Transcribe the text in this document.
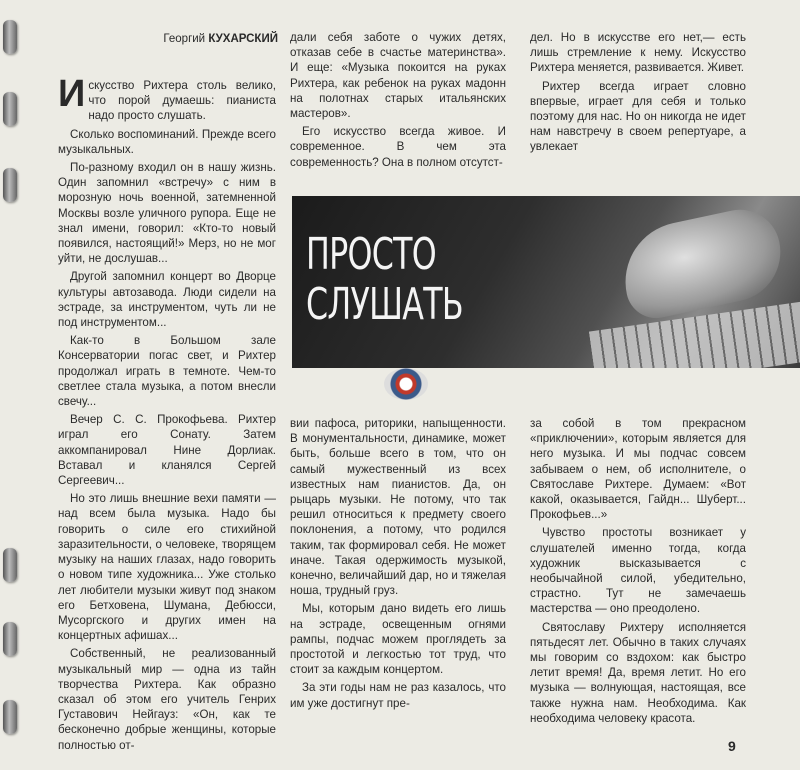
Георгий КУХАРСКИЙ

Искусство Рихтера столь велико, что порой думаешь: пианиста надо просто слушать.

Сколько воспоминаний. Прежде всего музыкальных.

По-разному входил он в нашу жизнь. Один запомнил «встречу» с ним в морозную ночь военной, затемненной Москвы возле уличного рупора. Еще не знал имени, говорил: «Кто-то новый появился, настоящий!» Мерз, но не мог уйти, не дослушав...

Другой запомнил концерт во Дворце культуры автозавода. Люди сидели на эстраде, за инструментом, чуть ли не под инструментом...

Как-то в Большом зале Консерватории погас свет, и Рихтер продолжал играть в темноте. Чем-то светлее стала музыка, а потом внесли свечу...

Вечер С. С. Прокофьева. Рихтер играл его Сонату. Затем аккомпанировал Нине Дорлиак. Вставал и кланялся Сергей Сергеевич...

Но это лишь внешние вехи памяти — над всем была музыка. Надо бы говорить о силе его стихийной заразительности, о человеке, творящем музыку на наших глазах, надо говорить о новом типе художника... Уже столько лет любители музыки живут под знаком его Бетховена, Шумана, Дебюсси, Мусоргского и других имен на концертных афишах...

Собственный, не реализованный музыкальный мир — одна из тайн творчества Рихтера. Как образно сказал об этом его учитель Генрих Густавович Нейгауз: «Он, как те бесконечно добрые женщины, которые полностью от-

дали себя заботе о чужих детях, отказав себе в счастье материнства». И еще: «Музыка покоится на руках Рихтера, как ребенок на руках мадонн на полотнах старых итальянских мастеров».

Его искусство всегда живое. И современное. В чем эта современность? Она в полном отсутст-

дел. Но в искусстве его нет,— есть лишь стремление к нему. Искусство Рихтера меняется, развивается. Живет.

Рихтер всегда играет словно впервые, играет для себя и только поэтому для нас. Но он никогда не идет нам навстречу в своем репертуаре, а увлекает

ПРОСТО
СЛУШАТЬ

вии пафоса, риторики, напыщенности. В монументальности, динамике, может быть, больше всего в том, что он самый мужественный из всех известных нам пианистов. Да, он рыцарь музыки. Не потому, что так решил относиться к предмету своего поклонения, а потому, что родился таким, так формировал себя. Не может иначе. Такая одержимость музыкой, конечно, величайший дар, но и тяжелая ноша, трудный груз.

Мы, которым дано видеть его лишь на эстраде, освещенным огнями рампы, подчас можем проглядеть за простотой и легкостью тот труд, что стоит за каждым концертом.

За эти годы нам не раз казалось, что им уже достигнут пре-

за собой в том прекрасном «приключении», которым является для него музыка. И мы подчас совсем забываем о нем, об исполнителе, о Святославе Рихтере. Думаем: «Вот какой, оказывается, Гайдн... Шуберт... Прокофьев...»

Чувство простоты возникает у слушателей именно тогда, когда художник высказывается с необычайной силой, убедительно, страстно. Тут не замечаешь мастерства — оно преодолено.

Святославу Рихтеру исполняется пятьдесят лет. Обычно в таких случаях мы говорим со вздохом: как быстро летит время! Да, время летит. Но его музыка — волнующая, настоящая, все также нужна нам. Необходима. Как необходима человеку красота.

9
